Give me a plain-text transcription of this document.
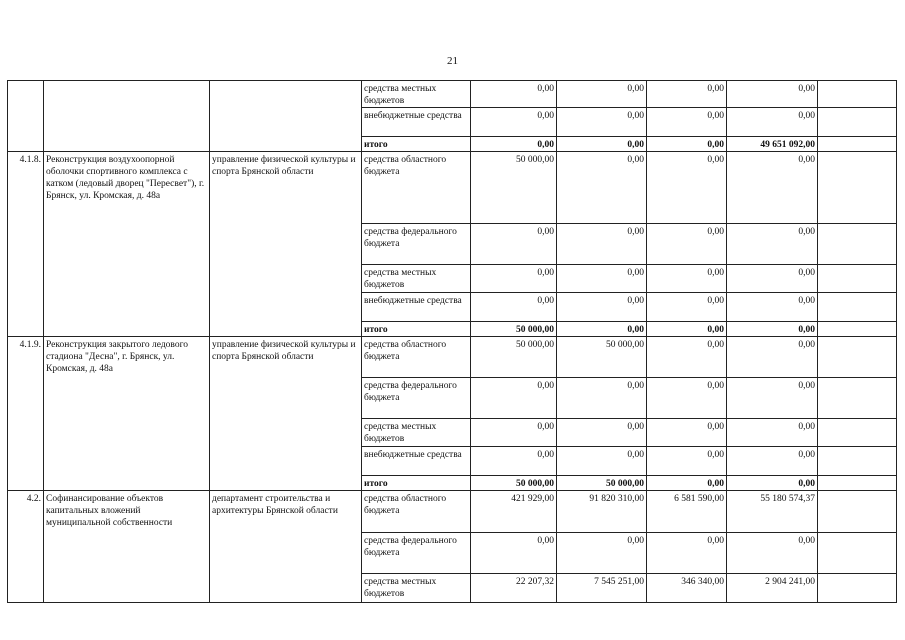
21
			средства местных бюджетов	0,00	0,00	0,00	0,00	
			внебюджетные средства	0,00	0,00	0,00	0,00	
			итого	0,00	0,00	0,00	49 651 092,00	
4.1.8.	Реконструкция воздухоопорной оболочки спортивного комплекса с катком (ледовый дворец "Пересвет"), г. Брянск, ул. Кромская, д. 48а	управление физической культуры и спорта Брянской области	средства областного бюджета	50 000,00	0,00	0,00	0,00	
			средства федерального бюджета	0,00	0,00	0,00	0,00	
			средства местных бюджетов	0,00	0,00	0,00	0,00	
			внебюджетные средства	0,00	0,00	0,00	0,00	
			итого	50 000,00	0,00	0,00	0,00	
4.1.9.	Реконструкция закрытого ледового стадиона "Десна", г. Брянск, ул. Кромская, д. 48а	управление физической культуры и спорта Брянской области	средства областного бюджета	50 000,00	50 000,00	0,00	0,00	
			средства федерального бюджета	0,00	0,00	0,00	0,00	
			средства местных бюджетов	0,00	0,00	0,00	0,00	
			внебюджетные средства	0,00	0,00	0,00	0,00	
			итого	50 000,00	50 000,00	0,00	0,00	
4.2.	Софинансирование объектов капитальных вложений муниципальной собственности	департамент строительства и архитектуры Брянской области	средства областного бюджета	421 929,00	91 820 310,00	6 581 590,00	55 180 574,37	
			средства федерального бюджета	0,00	0,00	0,00	0,00	
			средства местных бюджетов	22 207,32	7 545 251,00	346 340,00	2 904 241,00	
